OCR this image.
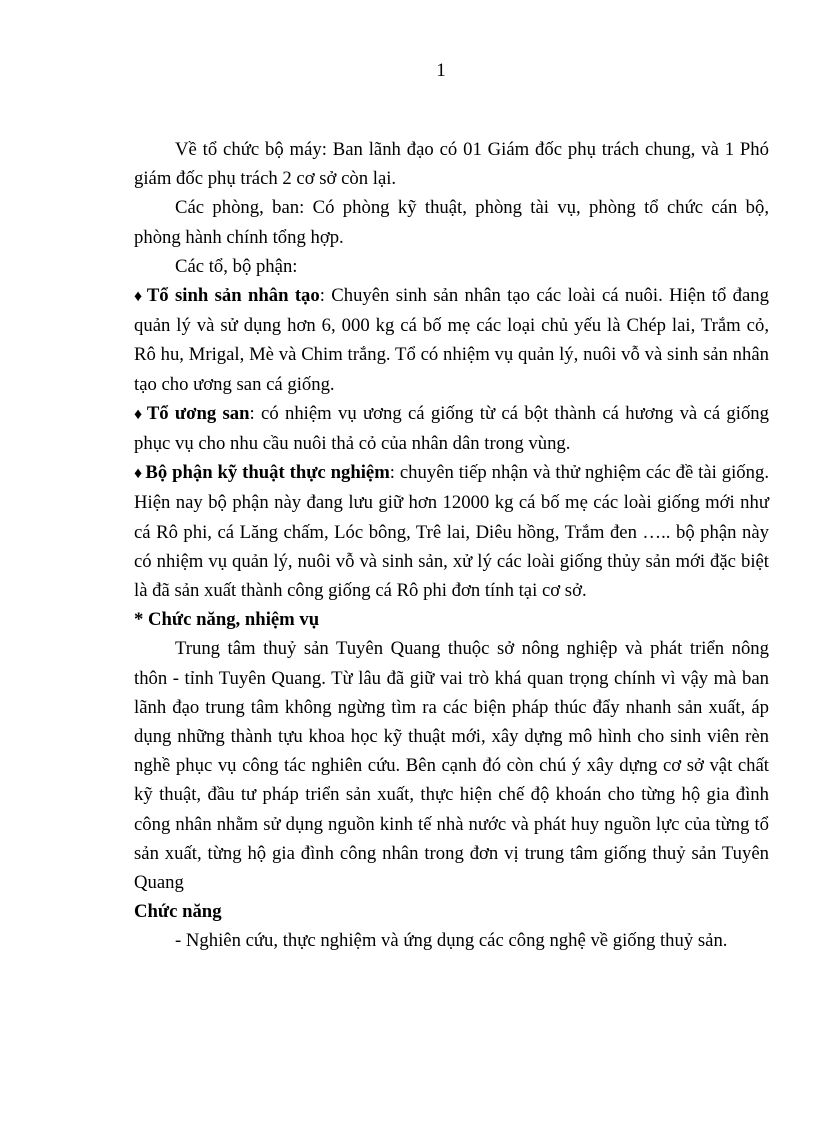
1

Về tổ chức bộ máy: Ban lãnh đạo có 01 Giám đốc phụ trách chung, và 1 Phó giám đốc phụ trách 2 cơ sở còn lại.

Các phòng, ban: Có phòng kỹ thuật, phòng tài vụ, phòng tổ chức cán bộ, phòng hành chính tổng hợp.

Các tổ, bộ phận:

♦ Tổ sinh sản nhân tạo: Chuyên sinh sản nhân tạo các loài cá nuôi. Hiện tổ đang quản lý và sử dụng hơn 6, 000 kg cá bố mẹ các loại chủ yếu là Chép lai, Trắm cỏ, Rô hu, Mrigal, Mè và Chim trắng. Tổ có nhiệm vụ quản lý, nuôi vỗ và sinh sản nhân tạo cho ương san cá giống.

♦ Tổ ương san: có nhiệm vụ ương cá giống từ cá bột thành cá hương và cá giống phục vụ cho nhu cầu nuôi thả cỏ của nhân dân trong vùng.

♦ Bộ phận kỹ thuật thực nghiệm: chuyên tiếp nhận và thử nghiệm các đề tài giống. Hiện nay bộ phận này đang lưu giữ hơn 12000 kg cá bố mẹ các loài giống mới như cá Rô phi, cá Lăng chấm, Lóc bông, Trê lai, Diêu hồng, Trắm đen ….. bộ phận này có nhiệm vụ quản lý, nuôi vỗ và sinh sản, xử lý các loài giống thủy sản mới đặc biệt là đã sản xuất thành công giống cá Rô phi đơn tính tại cơ sở.

* Chức năng, nhiệm vụ

Trung tâm thuỷ sản Tuyên Quang thuộc sở nông nghiệp và phát triển nông thôn - tỉnh Tuyên Quang. Từ lâu đã giữ vai trò khá quan trọng chính vì vậy mà ban lãnh đạo trung tâm không ngừng tìm ra các biện pháp thúc đẩy nhanh sản xuất, áp dụng những thành tựu khoa học kỹ thuật mới, xây dựng mô hình cho sinh viên rèn nghề phục vụ công tác nghiên cứu. Bên cạnh đó còn chú ý xây dựng cơ sở vật chất kỹ thuật, đầu tư pháp triển sản xuất, thực hiện chế độ khoán cho từng hộ gia đình công nhân nhằm sử dụng nguồn kinh tế nhà nước và phát huy nguồn lực của từng tổ sản xuất, từng hộ gia đình công nhân trong đơn vị trung tâm giống thuỷ sản Tuyên Quang

Chức năng

- Nghiên cứu, thực nghiệm và ứng dụng các công nghệ về giống thuỷ sản.
